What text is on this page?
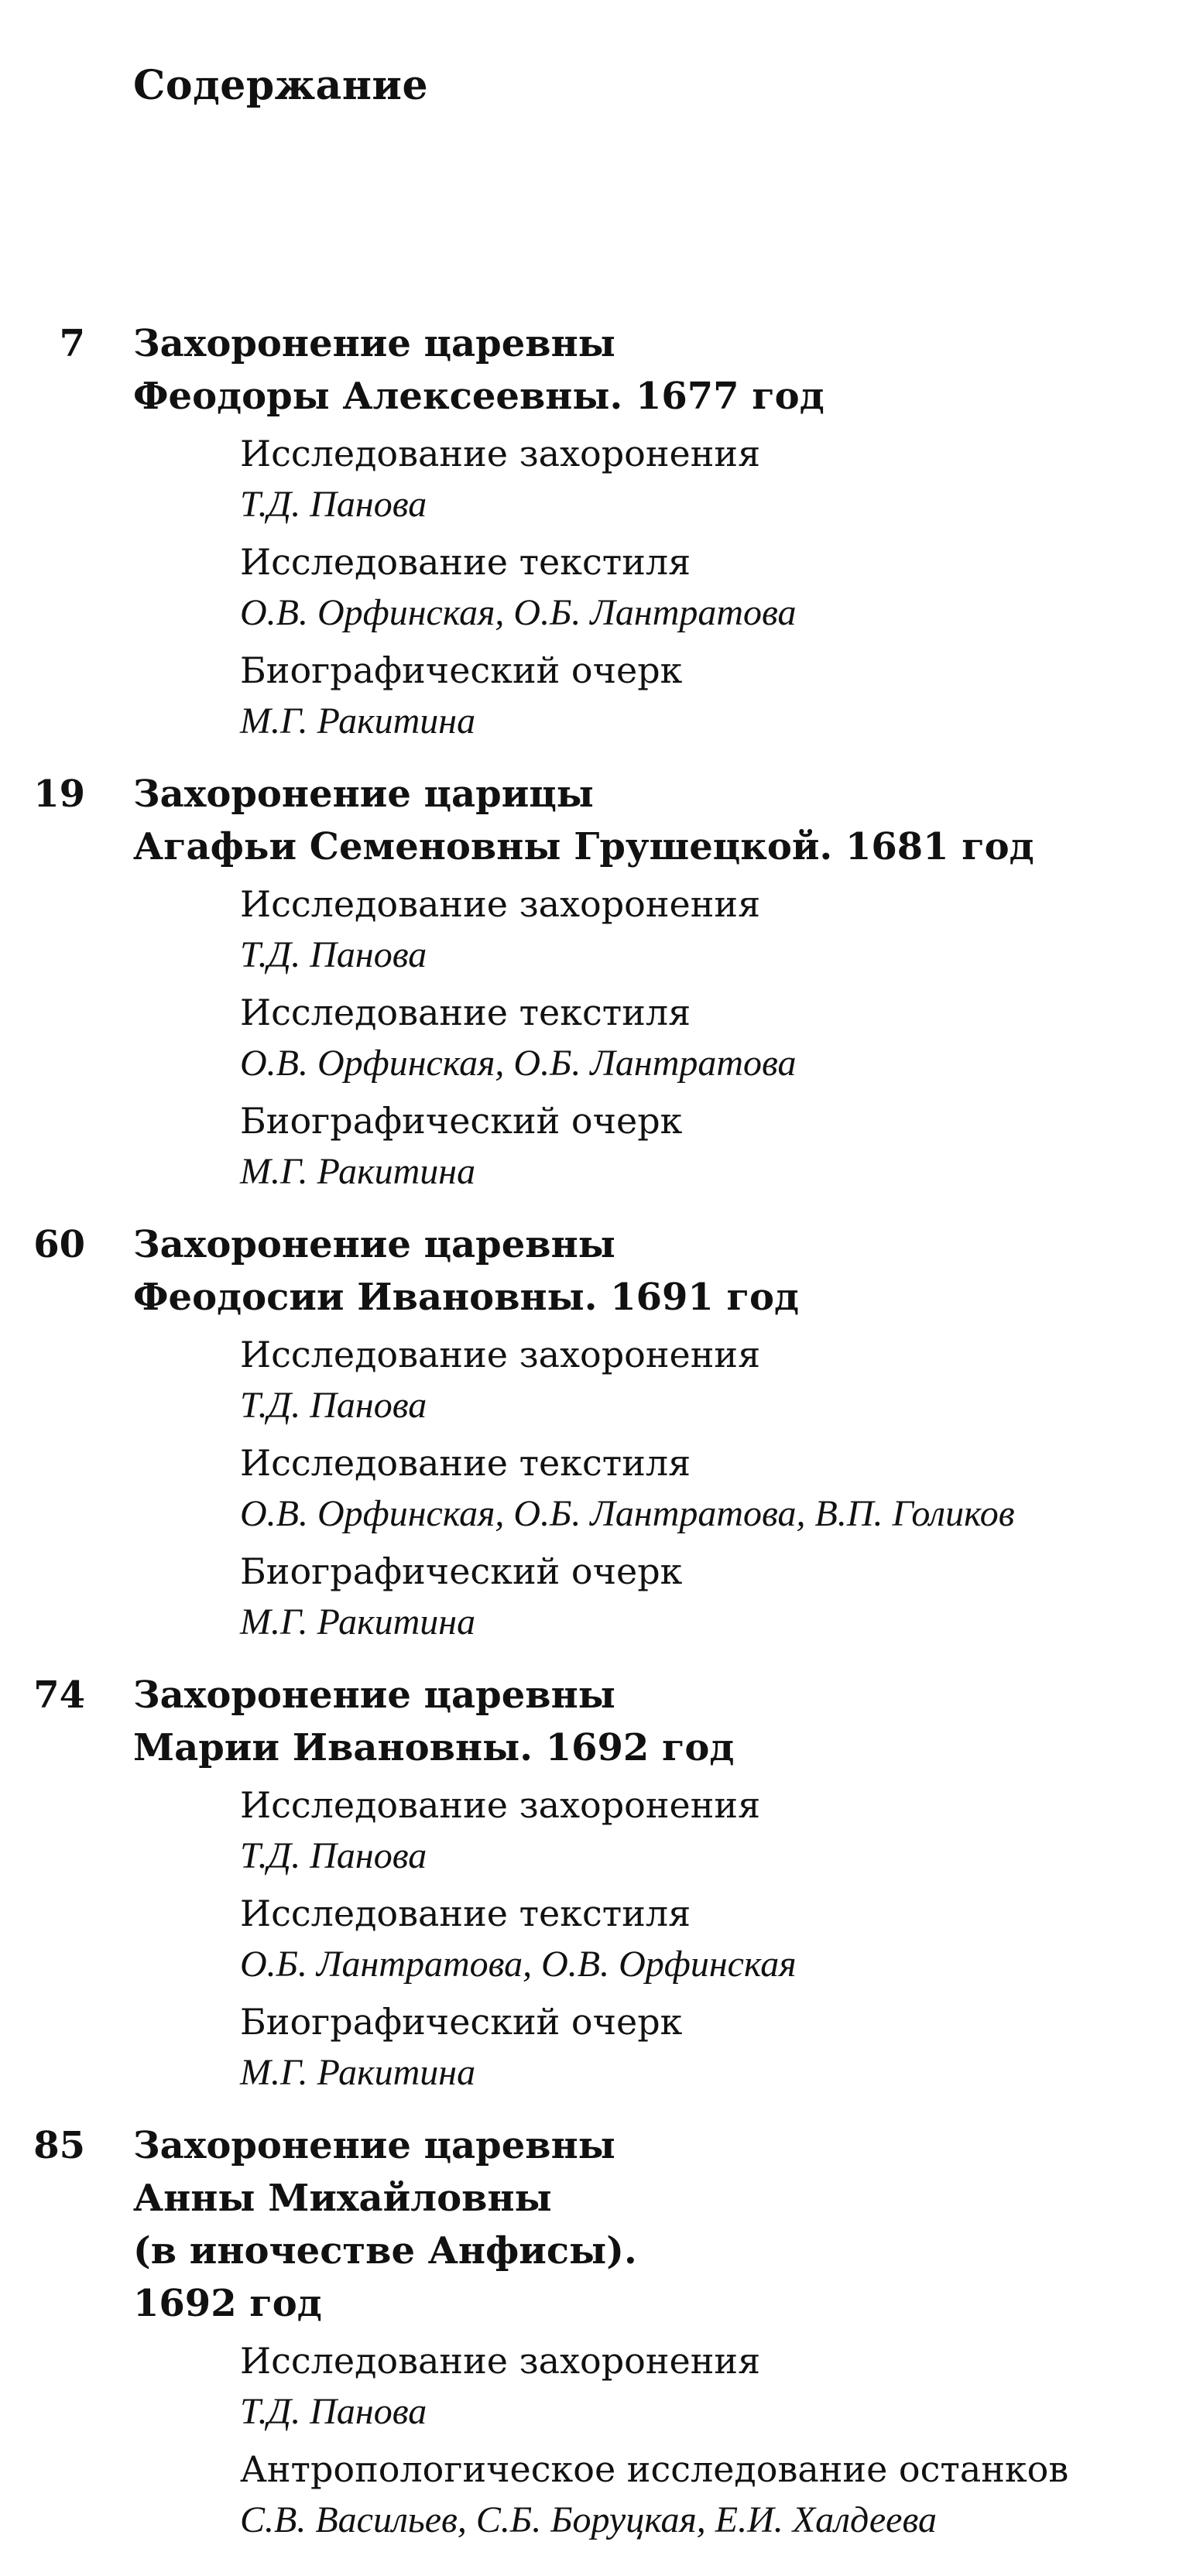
Содержание
7 Захоронение царевны
Феодоры Алексеевны. 1677 год
Исследование захоронения
Т.Д. Панова
Исследование текстиля
О.В. Орфинская, О.Б. Лантратова
Биографический очерк
М.Г. Ракитина
19 Захоронение царицы
Агафьи Семеновны Грушецкой. 1681 год
Исследование захоронения
Т.Д. Панова
Исследование текстиля
О.В. Орфинская, О.Б. Лантратова
Биографический очерк
М.Г. Ракитина
60 Захоронение царевны
Феодосии Ивановны. 1691 год
Исследование захоронения
Т.Д. Панова
Исследование текстиля
О.В. Орфинская, О.Б. Лантратова, В.П. Голиков
Биографический очерк
М.Г. Ракитина
74 Захоронение царевны
Марии Ивановны. 1692 год
Исследование захоронения
Т.Д. Панова
Исследование текстиля
О.Б. Лантратова, О.В. Орфинская
Биографический очерк
М.Г. Ракитина
85 Захоронение царевны
Анны Михайловны
(в иночестве Анфисы).
1692 год
Исследование захоронения
Т.Д. Панова
Антропологическое исследование останков
С.В. Васильев, С.Б. Боруцкая, Е.И. Халдеева
